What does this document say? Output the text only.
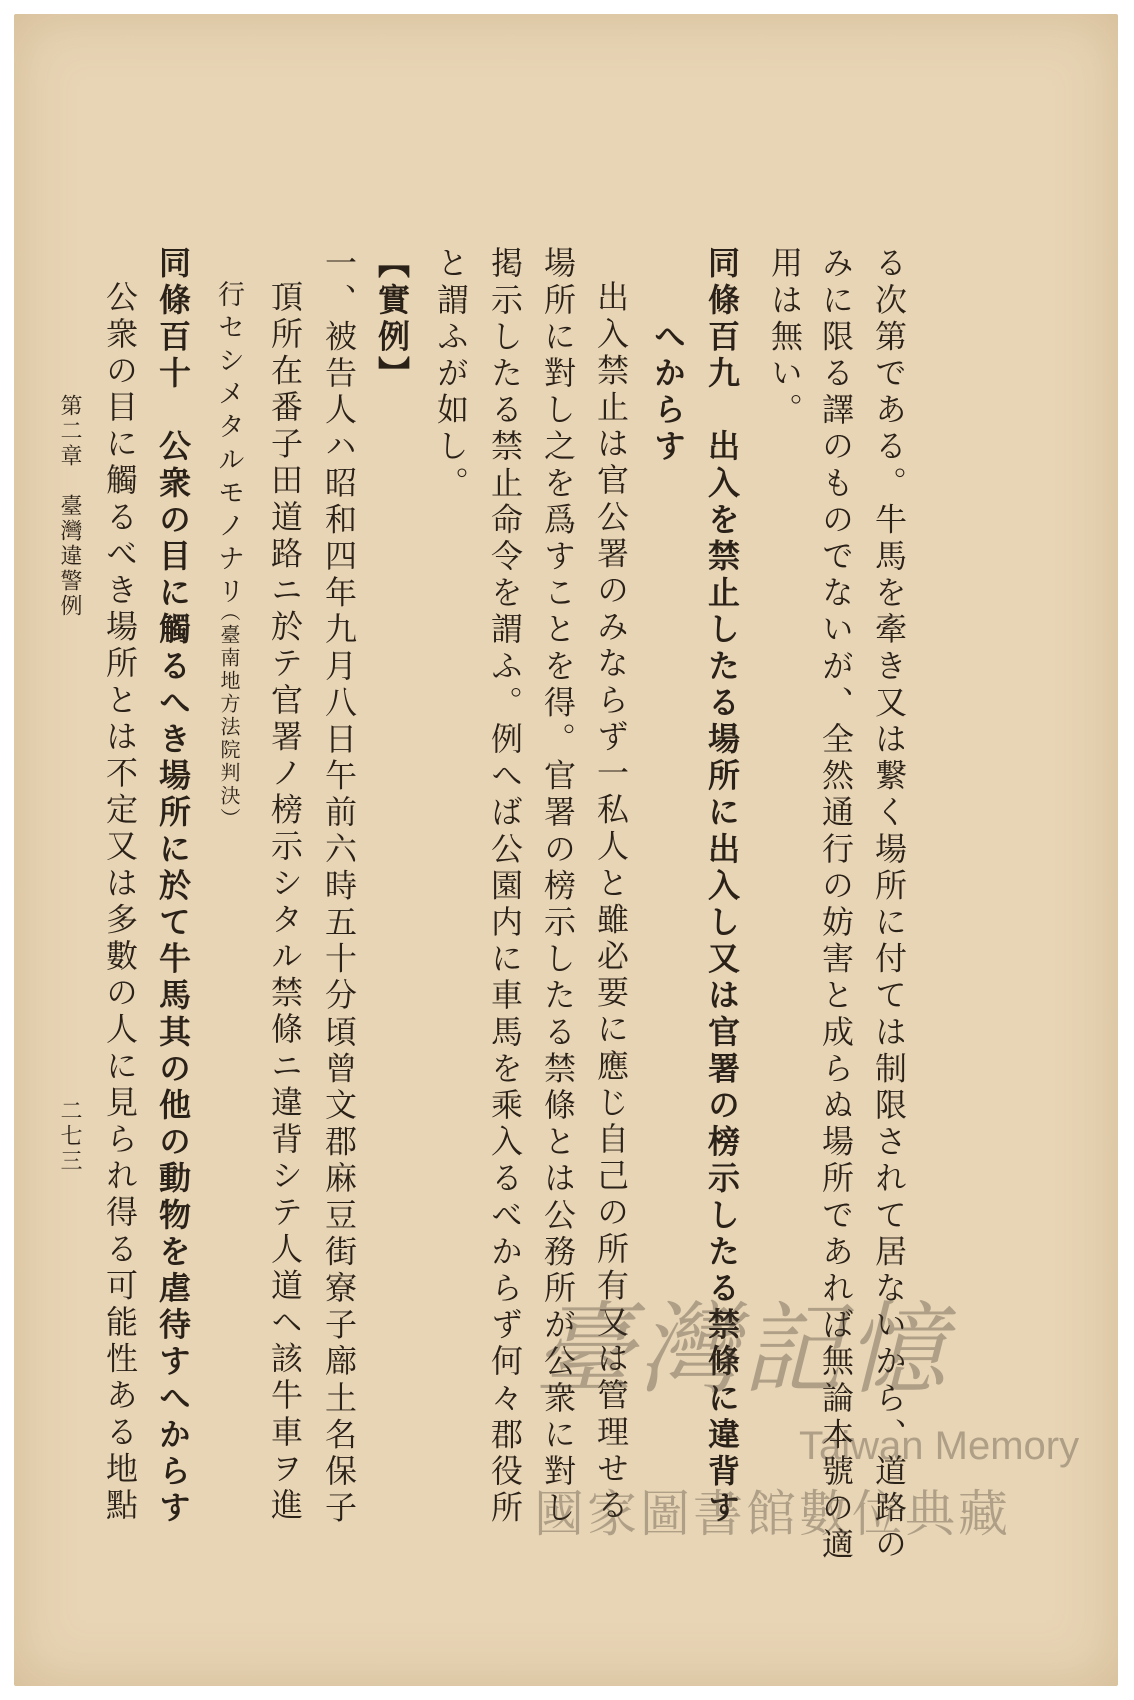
る次第である。牛馬を牽き又は繋く場所に付ては制限されて居ないから、道路の
みに限る譯のものでないが、全然通行の妨害と成らぬ場所であれば無論本號の適
用は無い。
同條百九　出入を禁止したる場所に出入し又は官署の榜示したる禁條に違背す
　　へからす
出入禁止は官公署のみならず一私人と雖必要に應じ自己の所有又は管理せる
場所に對し之を爲すことを得。官署の榜示したる禁條とは公務所が公衆に對し
掲示したる禁止命令を謂ふ。例へば公園内に車馬を乘入るべからず何々郡役所
と謂ふが如し。
【實例】
一、被告人ハ昭和四年九月八日午前六時五十分頃曾文郡麻豆街寮子廍土名保子
頂所在番子田道路ニ於テ官署ノ榜示シタル禁條ニ違背シテ人道ヘ該牛車ヲ進
行セシメタルモノナリ
（臺南地方法院判決）
同條百十　公衆の目に觸るへき場所に於て牛馬其の他の動物を虐待すへからす
公衆の目に觸るべき場所とは不定又は多數の人に見られ得る可能性ある地點
第二章　臺灣違警例
二七三
臺灣記憶
Taiwan Memory
國家圖書館數位典藏
